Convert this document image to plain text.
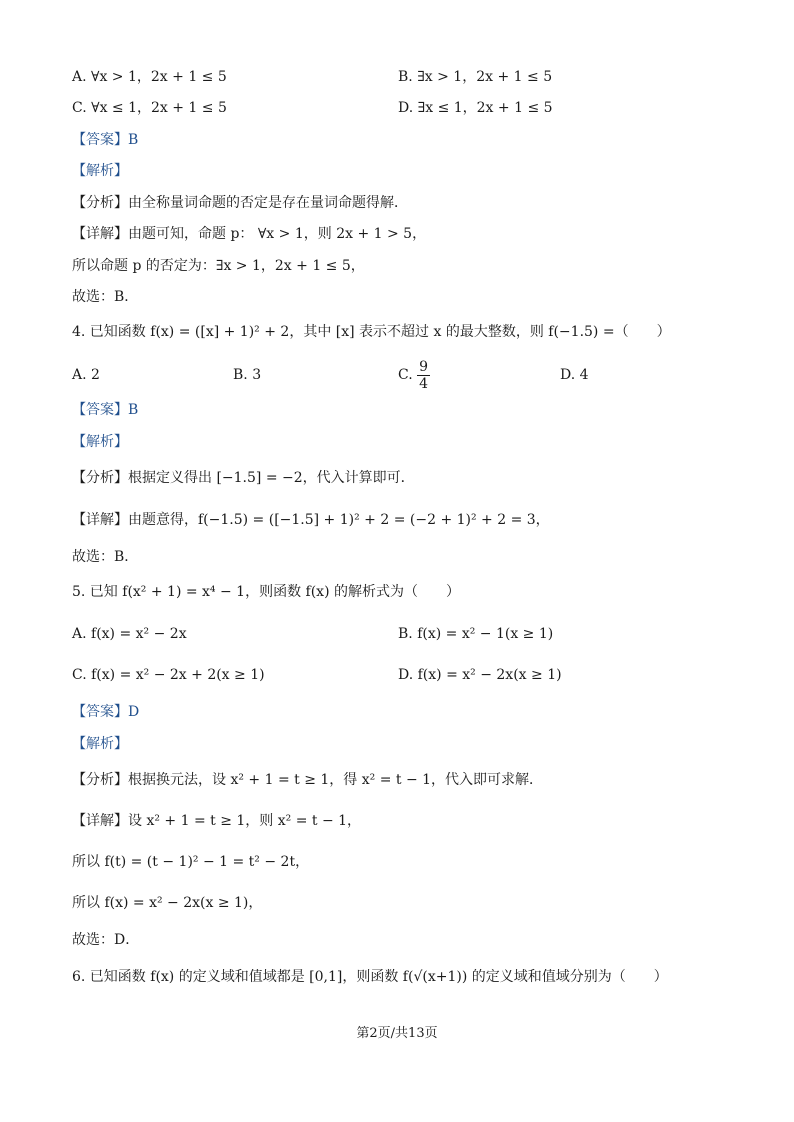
A. ∀x > 1，2x + 1 ≤ 5	B. ∃x > 1，2x + 1 ≤ 5
C. ∀x ≤ 1，2x + 1 ≤ 5	D. ∃x ≤ 1，2x + 1 ≤ 5
【答案】B
【解析】
【分析】由全称量词命题的否定是存在量词命题得解．
【详解】由题可知，命题 p： ∀x > 1，则 2x + 1 > 5，
所以命题 p 的否定为：∃x > 1，2x + 1 ≤ 5，
故选：B．
4. 已知函数 f(x) = ([x] + 1)² + 2，其中 [x] 表示不超过 x 的最大整数，则 f(−1.5) =（　　）
A. 2	B. 3	C. $\frac{9}{4}$	D. 4
【答案】B
【解析】
【分析】根据定义得出 [−1.5] = −2，代入计算即可．
【详解】由题意得，f(−1.5) = ([−1.5] + 1)² + 2 = (−2 + 1)² + 2 = 3，
故选：B．
5. 已知 f(x² + 1) = x⁴ − 1，则函数 f(x) 的解析式为（　　）
A. f(x) = x² − 2x	B. f(x) = x² − 1(x ≥ 1)
C. f(x) = x² − 2x + 2(x ≥ 1)	D. f(x) = x² − 2x(x ≥ 1)
【答案】D
【解析】
【分析】根据换元法，设 x² + 1 = t ≥ 1，得 x² = t − 1，代入即可求解．
【详解】设 x² + 1 = t ≥ 1，则 x² = t − 1，
所以 f(t) = (t − 1)² − 1 = t² − 2t，
所以 f(x) = x² − 2x(x ≥ 1)，
故选：D．
6. 已知函数 f(x) 的定义域和值域都是 [0,1]，则函数 f(√(x+1)) 的定义域和值域分别为（　　）
第2页/共13页
